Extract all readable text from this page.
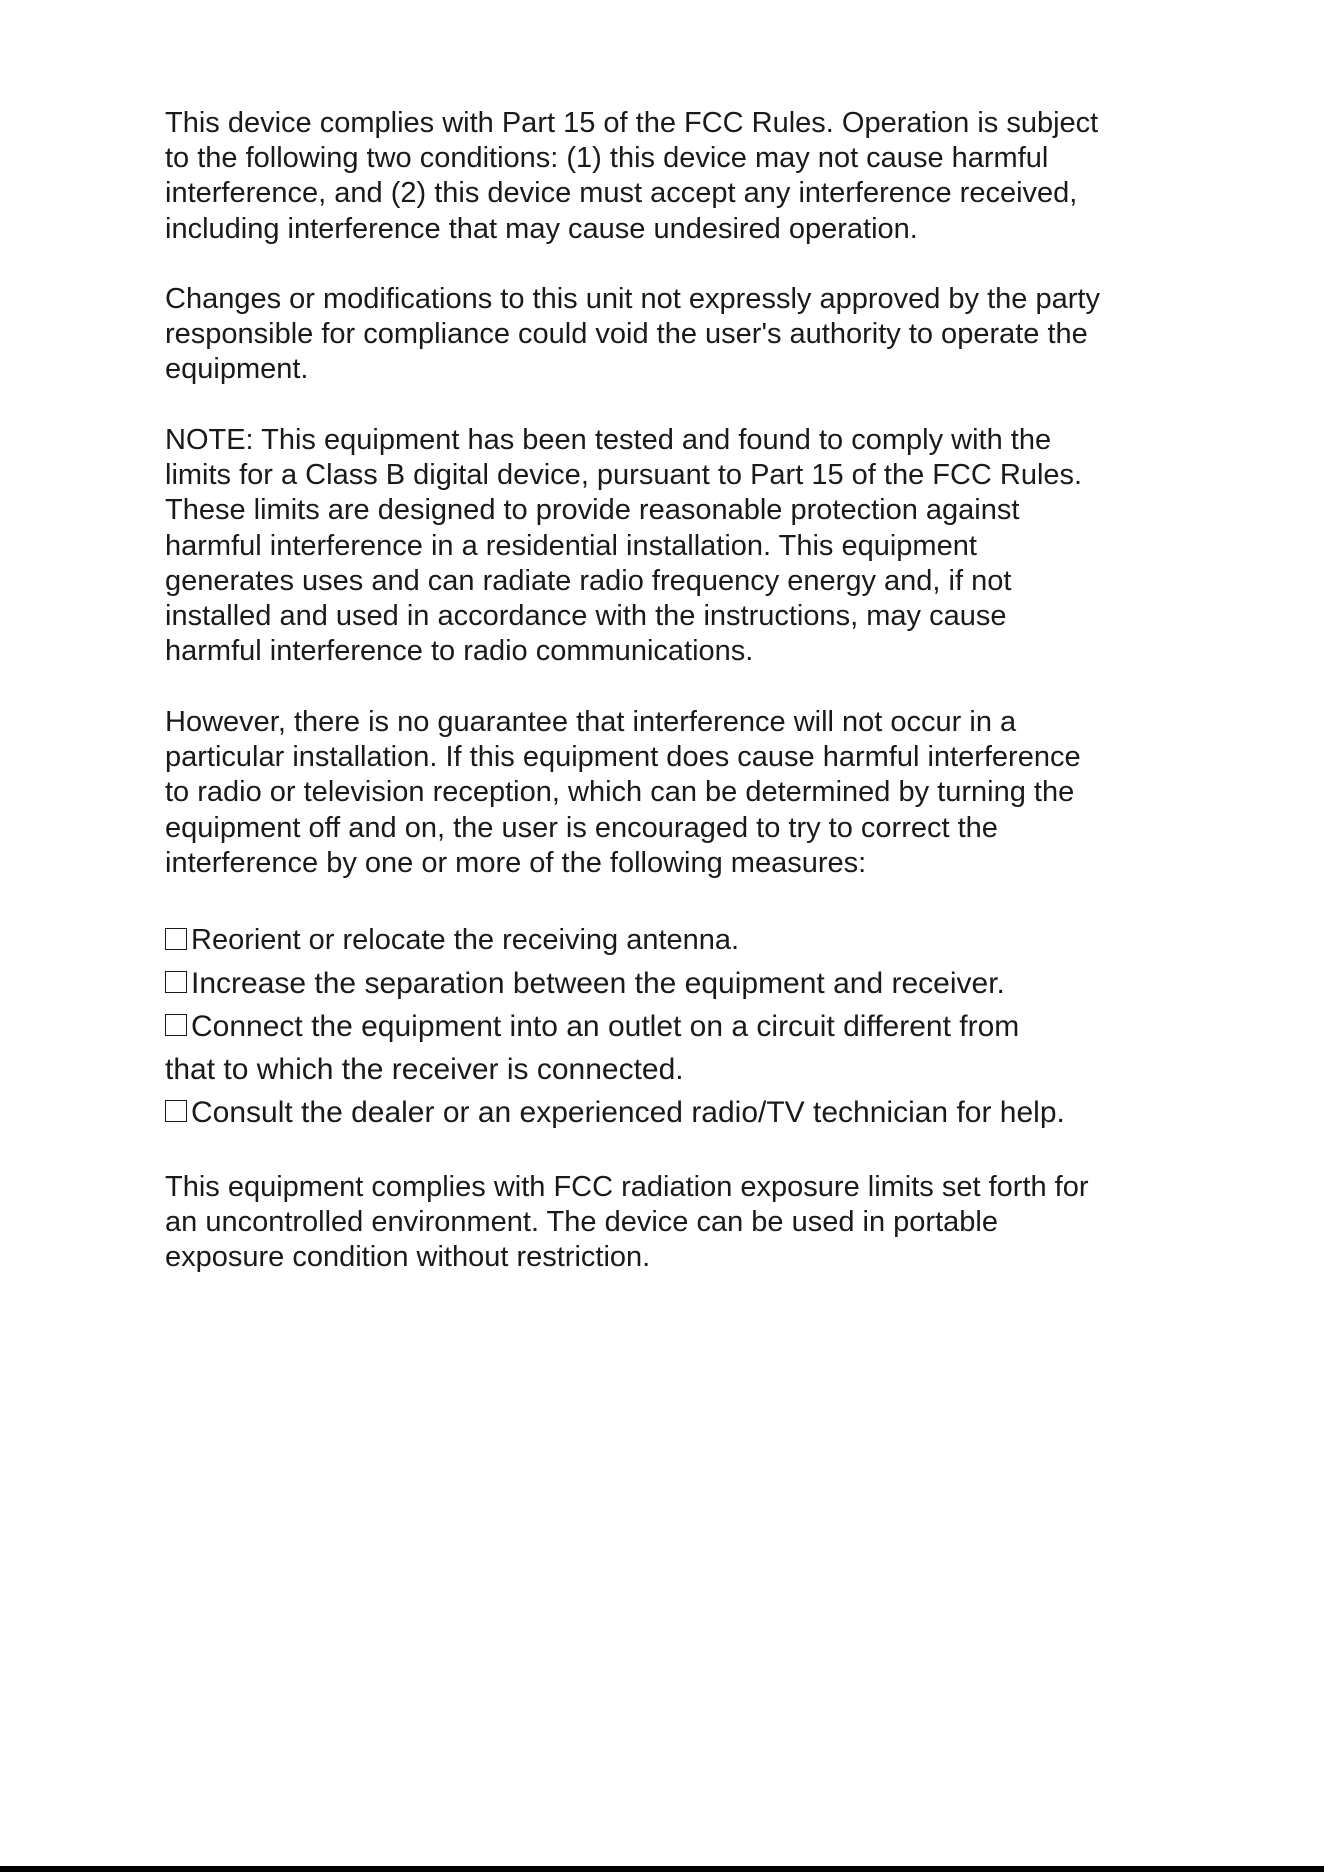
This device complies with Part 15 of the FCC Rules. Operation is subject
to the following two conditions: (1) this device may not cause harmful
interference, and (2) this device must accept any interference received,
including interference that may cause undesired operation.

Changes or modifications to this unit not expressly approved by the party
responsible for compliance could void the user's authority to operate the
equipment.

NOTE: This equipment has been tested and found to comply with the
limits for a Class B digital device, pursuant to Part 15 of the FCC Rules.
These limits are designed to provide reasonable protection against
harmful interference in a residential installation. This equipment
generates uses and can radiate radio frequency energy and, if not
installed and used in accordance with the instructions, may cause
harmful interference to radio communications.

However, there is no guarantee that interference will not occur in a
particular installation. If this equipment does cause harmful interference
to radio or television reception, which can be determined by turning the
equipment off and on, the user is encouraged to try to correct the
interference by one or more of the following measures:

Reorient or relocate the receiving antenna.
Increase the separation between the equipment and receiver.
Connect the equipment into an outlet on a circuit different from
that to which the receiver is connected.
Consult the dealer or an experienced radio/TV technician for help.

This equipment complies with FCC radiation exposure limits set forth for
an uncontrolled environment. The device can be used in portable
exposure condition without restriction.
